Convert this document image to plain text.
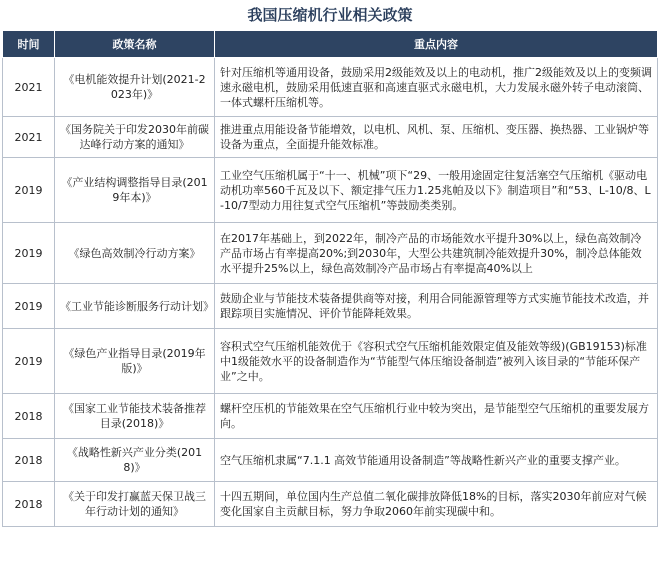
我国压缩机行业相关政策
时间	政策名称	重点内容
2021	《电机能效提升计划(2021-2023年)》	针对压缩机等通用设备，鼓励采用2级能效及以上的电动机，推广2级能效及以上的变频调速永磁电机，鼓励采用低速直驱和高速直驱式永磁电机，大力发展永磁外转子电动滚筒、一体式螺杆压缩机等。
2021	《国务院关于印发2030年前碳达峰行动方案的通知》	推进重点用能设备节能增效，以电机、风机、泵、压缩机、变压器、换热器、工业锅炉等设备为重点，全面提升能效标准。
2019	《产业结构调整指导目录(2019年本)》	工业空气压缩机属于“十一、机械”项下“29、一般用途固定往复活塞空气压缩机《驱动电动机功率560千瓦及以下、额定排气压力1.25兆帕及以下》制造项目”和“53、L-10/8、L-10/7型动力用往复式空气压缩机”等鼓励类类别。
2019	《绿色高效制冷行动方案》	在2017年基础上，到2022年，制冷产品的市场能效水平提升30%以上，绿色高效制冷产品市场占有率提高20%;到2030年，大型公共建筑制冷能效提升30%，制冷总体能效水平提升25%以上，绿色高效制冷产品市场占有率提高40%以上
2019	《工业节能诊断服务行动计划》	鼓励企业与节能技术装备提供商等对接，利用合同能源管理等方式实施节能技术改造，并跟踪项目实施情况、评价节能降耗效果。
2019	《绿色产业指导目录(2019年版)》	容积式空气压缩机能效优于《容积式空气压缩机能效限定值及能效等级)(GB19153)标准中1级能效水平的设备制造作为“节能型气体压缩设备制造”被列入该目录的“节能环保产业”之中。
2018	《国家工业节能技术装备推荐目录(2018)》	螺杆空压机的节能效果在空气压缩机行业中较为突出，是节能型空气压缩机的重要发展方向。
2018	《战略性新兴产业分类(2018)》	空气压缩机隶属“7.1.1 高效节能通用设备制造”等战略性新兴产业的重要支撑产业。
2018	《关于印发打赢蓝天保卫战三年行动计划的通知》	十四五期间，单位国内生产总值二氧化碳排放降低18%的目标，落实2030年前应对气候变化国家自主贡献目标，努力争取2060年前实现碳中和。
